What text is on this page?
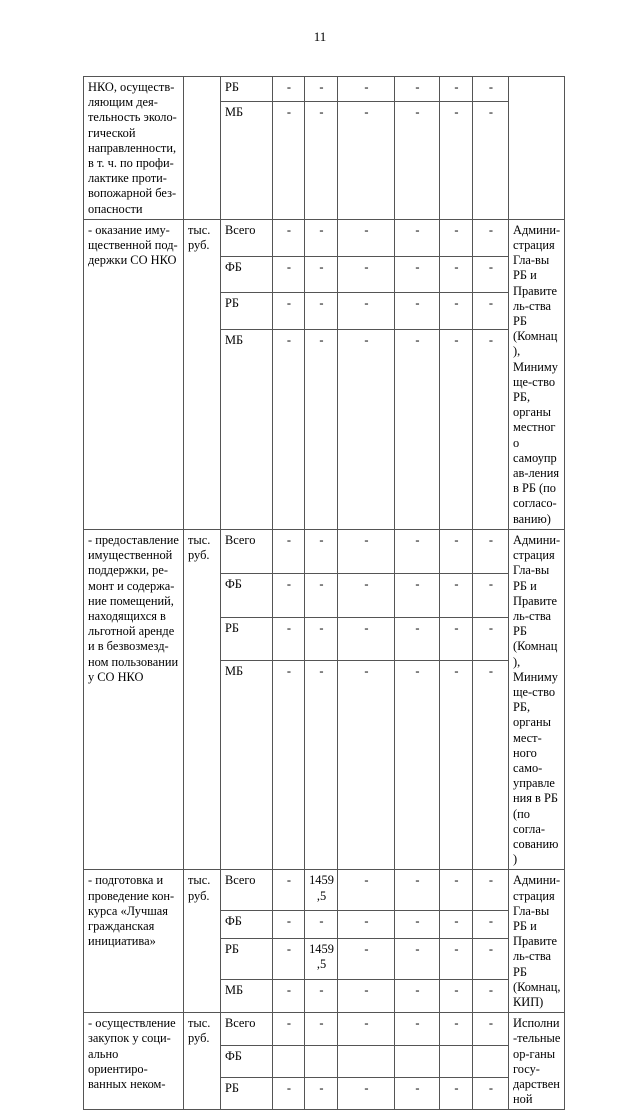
11
НКО, осуществ-ляющим дея-тельность эколо-гической направленности, в т. ч. по профи-лактике проти-вопожарной без-опасности		РБ	-	-	-	-	-	-	
		МБ	-	-	-	-	-	-	
- оказание иму-щественной под-держки СО НКО	тыс. руб.	Всего	-	-	-	-	-	-	Админи-страция Гла-вы РБ и Правитель-ства РБ (Комнац), Минимуще-ство РБ, органы местного самоуправ-ления в РБ (по согласо-ванию)
		ФБ	-	-	-	-	-	-	
		РБ	-	-	-	-	-	-	
		МБ	-	-	-	-	-	-	
- предоставление имущественной поддержки, ре-монт и содержа-ние помещений, находящихся в льготной аренде и в безвозмезд-ном пользовании у СО НКО	тыс. руб.	Всего	-	-	-	-	-	-	Админи-страция Гла-вы РБ и Правитель-ства РБ (Комнац), Минимуще-ство РБ, органы мест-ного само-управления в РБ (по согла-сованию)
		ФБ	-	-	-	-	-	-	
		РБ	-	-	-	-	-	-	
		МБ	-	-	-	-	-	-	
- подготовка и проведение кон-курса «Лучшая гражданская инициатива»	тыс. руб.	Всего	-	1459,5	-	-	-	-	Админи-страция Гла-вы РБ и Правитель-ства РБ (Комнац, КИП)
		ФБ	-	-	-	-	-	-	
		РБ	-	1459,5	-	-	-	-	
		МБ	-	-	-	-	-	-	
- осуществление закупок у соци-ально ориентиро-ванных неком-	тыс. руб.	Всего	-	-	-	-	-	-	Исполни-тельные ор-ганы госу-дарственной
		ФБ							
		РБ	-	-	-	-	-	-	
